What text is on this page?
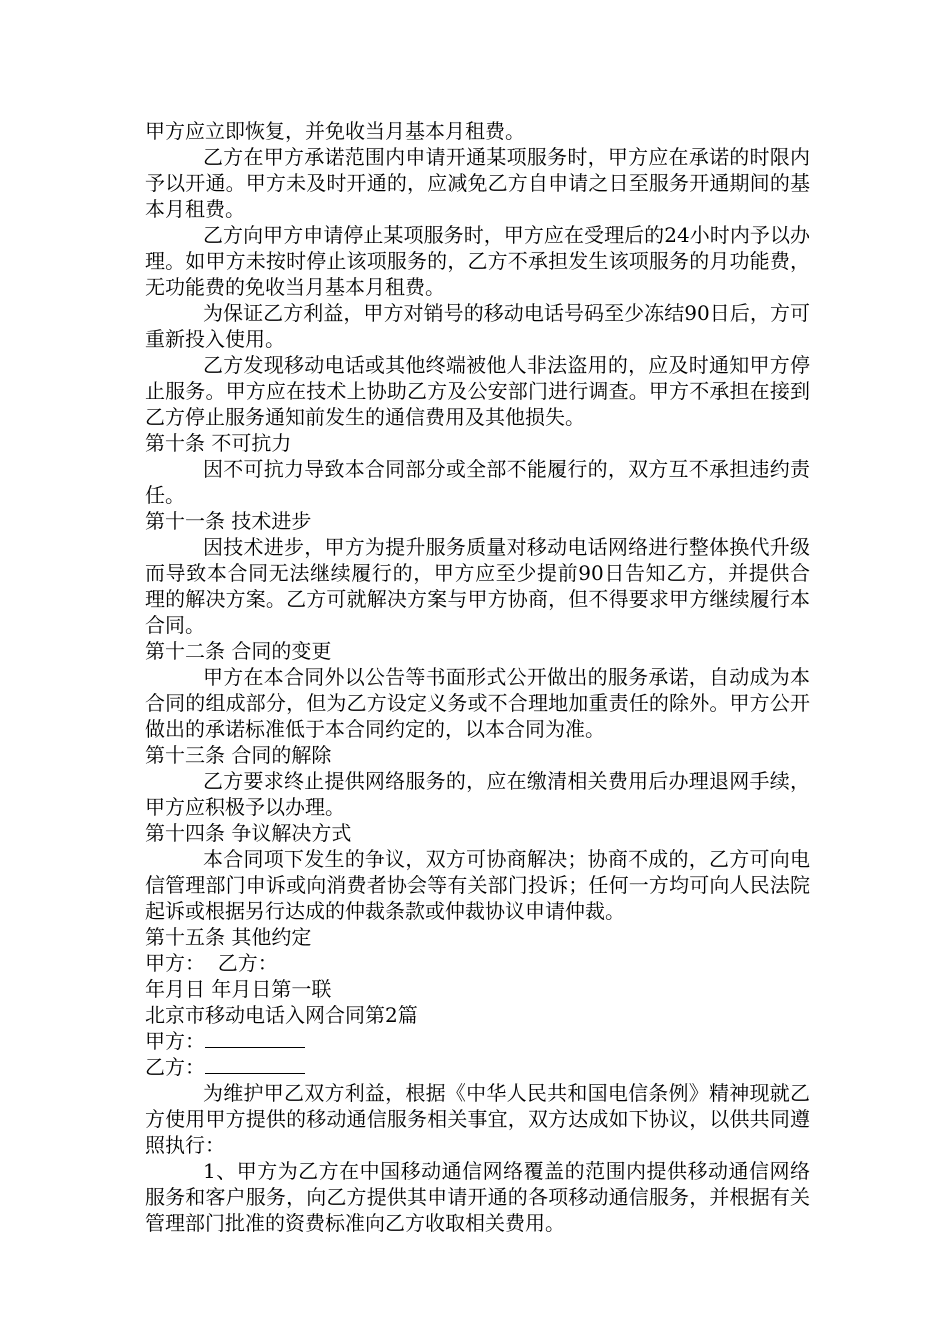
甲方应立即恢复，并免收当月基本月租费。

乙方在甲方承诺范围内申请开通某项服务时，甲方应在承诺的时限内予以开通。甲方未及时开通的，应减免乙方自申请之日至服务开通期间的基本月租费。

乙方向甲方申请停止某项服务时，甲方应在受理后的24小时内予以办理。如甲方未按时停止该项服务的，乙方不承担发生该项服务的月功能费，无功能费的免收当月基本月租费。

为保证乙方利益，甲方对销号的移动电话号码至少冻结90日后，方可重新投入使用。

乙方发现移动电话或其他终端被他人非法盗用的，应及时通知甲方停止服务。甲方应在技术上协助乙方及公安部门进行调查。甲方不承担在接到乙方停止服务通知前发生的通信费用及其他损失。

第十条 不可抗力

因不可抗力导致本合同部分或全部不能履行的，双方互不承担违约责任。

第十一条 技术进步

因技术进步，甲方为提升服务质量对移动电话网络进行整体换代升级而导致本合同无法继续履行的，甲方应至少提前90日告知乙方，并提供合理的解决方案。乙方可就解决方案与甲方协商，但不得要求甲方继续履行本合同。

第十二条 合同的变更

甲方在本合同外以公告等书面形式公开做出的服务承诺，自动成为本合同的组成部分，但为乙方设定义务或不合理地加重责任的除外。甲方公开做出的承诺标准低于本合同约定的，以本合同为准。

第十三条 合同的解除

乙方要求终止提供网络服务的，应在缴清相关费用后办理退网手续，甲方应积极予以办理。

第十四条 争议解决方式

本合同项下发生的争议，双方可协商解决；协商不成的，乙方可向电信管理部门申诉或向消费者协会等有关部门投诉；任何一方均可向人民法院起诉或根据另行达成的仲裁条款或仲裁协议申请仲裁。

第十五条 其他约定

甲方：  乙方：

年月日 年月日第一联

北京市移动电话入网合同第2篇

甲方：

乙方：

为维护甲乙双方利益，根据《中华人民共和国电信条例》精神现就乙方使用甲方提供的移动通信服务相关事宜，双方达成如下协议，以供共同遵照执行：

1、甲方为乙方在中国移动通信网络覆盖的范围内提供移动通信网络服务和客户服务，向乙方提供其申请开通的各项移动通信服务，并根据有关管理部门批准的资费标准向乙方收取相关费用。
